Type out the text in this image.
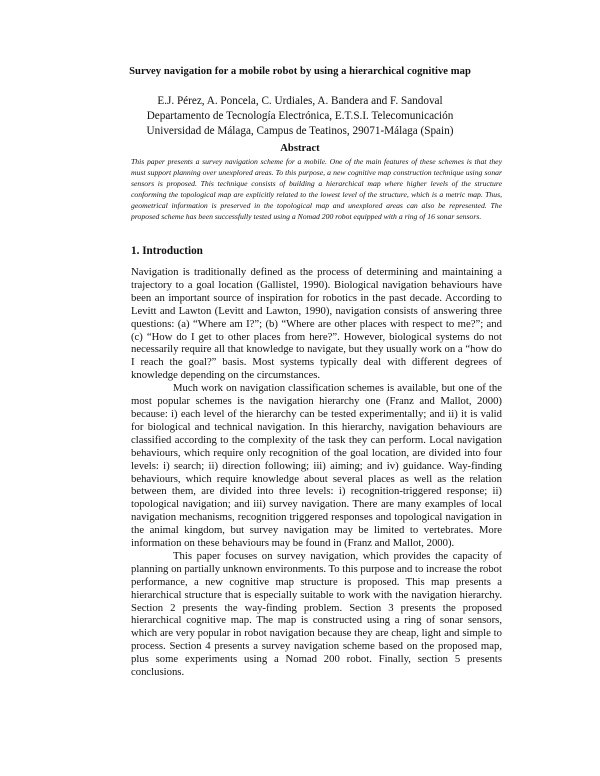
Survey navigation for a mobile robot by using a hierarchical cognitive map
E.J. Pérez, A. Poncela, C. Urdiales, A. Bandera and F. Sandoval
Departamento de Tecnología Electrónica, E.T.S.I. Telecomunicación
Universidad de Málaga, Campus de Teatinos, 29071-Málaga (Spain)
Abstract

This paper presents a survey navigation scheme for a mobile. One of the main features of these schemes is that they must support planning over unexplored areas. To this purpose, a new cognitive map construction technique using sonar sensors is proposed. This technique consists of building a hierarchical map where higher levels of the structure conforming the topological map are explicitly related to the lowest level of the structure, which is a metric map. Thus, geometrical information is preserved in the topological map and unexplored areas can also be represented. The proposed scheme has been successfully tested using a Nomad 200 robot equipped with a ring of 16 sonar sensors.

1. Introduction

Navigation is traditionally defined as the process of determining and maintaining a trajectory to a goal location (Gallistel, 1990). Biological navigation behaviours have been an important source of inspiration for robotics in the past decade. According to Levitt and Lawton (Levitt and Lawton, 1990), navigation consists of answering three questions: (a) “Where am I?”; (b) “Where are other places with respect to me?”; and (c) “How do I get to other places from here?”. However, biological systems do not necessarily require all that knowledge to navigate, but they usually work on a “how do I reach the goal?” basis. Most systems typically deal with different degrees of knowledge depending on the circumstances.

Much work on navigation classification schemes is available, but one of the most popular schemes is the navigation hierarchy one (Franz and Mallot, 2000) because: i) each level of the hierarchy can be tested experimentally; and ii) it is valid for biological and technical navigation. In this hierarchy, navigation behaviours are classified according to the complexity of the task they can perform. Local navigation behaviours, which require only recognition of the goal location, are divided into four levels: i) search; ii) direction following; iii) aiming; and iv) guidance. Way-finding behaviours, which require knowledge about several places as well as the relation between them, are divided into three levels: i) recognition-triggered response; ii) topological navigation; and iii) survey navigation. There are many examples of local navigation mechanisms, recognition triggered responses and topological navigation in the animal kingdom, but survey navigation may be limited to vertebrates. More information on these behaviours may be found in (Franz and Mallot, 2000).

This paper focuses on survey navigation, which provides the capacity of planning on partially unknown environments. To this purpose and to increase the robot performance, a new cognitive map structure is proposed. This map presents a hierarchical structure that is especially suitable to work with the navigation hierarchy. Section 2 presents the way-finding problem. Section 3 presents the proposed hierarchical cognitive map. The map is constructed using a ring of sonar sensors, which are very popular in robot navigation because they are cheap, light and simple to process. Section 4 presents a survey navigation scheme based on the proposed map, plus some experiments using a Nomad 200 robot. Finally, section 5 presents conclusions.
